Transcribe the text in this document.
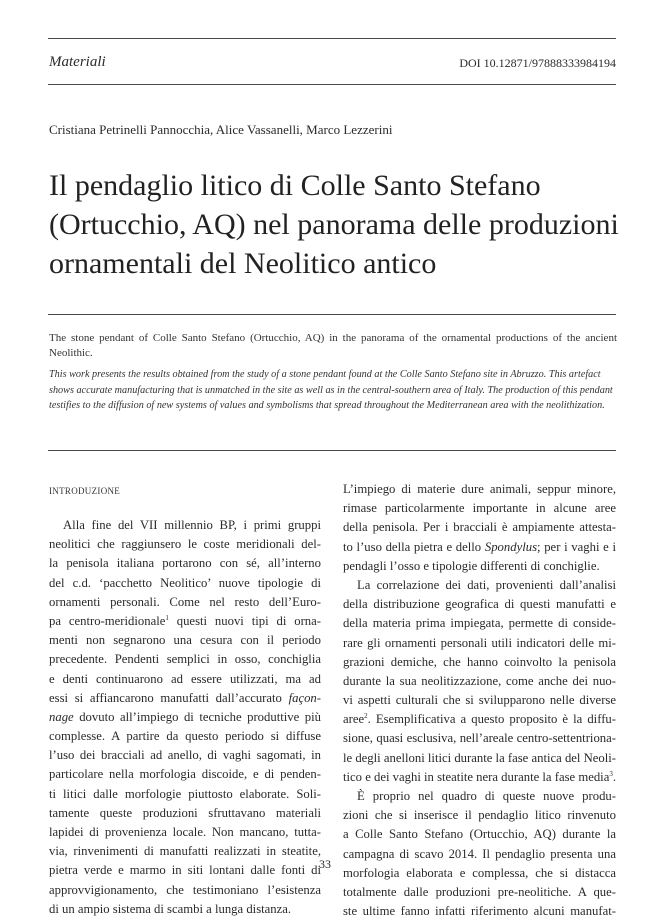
Materiali	DOI 10.12871/97888333984194
Cristiana Petrinelli Pannocchia, Alice Vassanelli, Marco Lezzerini
Il pendaglio litico di Colle Santo Stefano (Ortucchio, AQ) nel panorama delle produzioni ornamentali del Neolitico antico
The stone pendant of Colle Santo Stefano (Ortucchio, AQ) in the panorama of the ornamental productions of the ancient Neolithic.
This work presents the results obtained from the study of a stone pendant found at the Colle Santo Stefano site in Abruzzo. This artefact shows accurate manufacturing that is unmatched in the site as well as in the central-southern area of Italy. The production of this pendant testifies to the diffusion of new systems of values and symbolisms that spread throughout the Mediterranean area with the neolithization.
INTRODUZIONE
Alla fine del VII millennio BP, i primi gruppi
neolitici che raggiunsero le coste meridionali del-
la penisola italiana portarono con sé, all’interno
del c.d. ‘pacchetto Neolitico’ nuove tipologie di
ornamenti personali. Come nel resto dell’Euro-
pa centro-meridionale$^1$ questi nuovi tipi di orna-
menti non segnarono una cesura con il periodo
precedente. Pendenti semplici in osso, conchiglia
e denti continuarono ad essere utilizzati, ma ad
essi si affiancarono manufatti dall’accurato façon-
nage dovuto all’impiego di tecniche produttive più
complesse. A partire da questo periodo si diffuse
l’uso dei bracciali ad anello, di vaghi sagomati, in
particolare nella morfologia discoide, e di penden-
ti litici dalle morfologie piuttosto elaborate. Soli-
tamente queste produzioni sfruttavano materiali
lapidei di provenienza locale. Non mancano, tutta-
via, rinvenimenti di manufatti realizzati in steatite,
pietra verde e marmo in siti lontani dalle fonti di
approvvigionamento, che testimoniano l’esistenza
di un ampio sistema di scambi a lunga distanza.
L’impiego di materie dure animali, seppur minore,
rimase particolarmente importante in alcune aree
della penisola. Per i bracciali è ampiamente attesta-
to l’uso della pietra e dello Spondylus; per i vaghi e i
pendagli l’osso e tipologie differenti di conchiglie.
La correlazione dei dati, provenienti dall’analisi
della distribuzione geografica di questi manufatti e
della materia prima impiegata, permette di conside-
rare gli ornamenti personali utili indicatori delle mi-
grazioni demiche, che hanno coinvolto la penisola
durante la sua neolitizzazione, come anche dei nuo-
vi aspetti culturali che si svilupparono nelle diverse
aree$^2$. Esemplificativa a questo proposito è la diffu-
sione, quasi esclusiva, nell’areale centro-settentriona-
le degli anelloni litici durante la fase antica del Neoli-
tico e dei vaghi in steatite nera durante la fase media$^3$.
È proprio nel quadro di queste nuove produ-
zioni che si inserisce il pendaglio litico rinvenuto
a Colle Santo Stefano (Ortucchio, AQ) durante la
campagna di scavo 2014. Il pendaglio presenta una
morfologia elaborata e complessa, che si distacca
totalmente dalle produzioni pre-neolitiche. A que-
ste ultime fanno infatti riferimento alcuni manufat-
33
